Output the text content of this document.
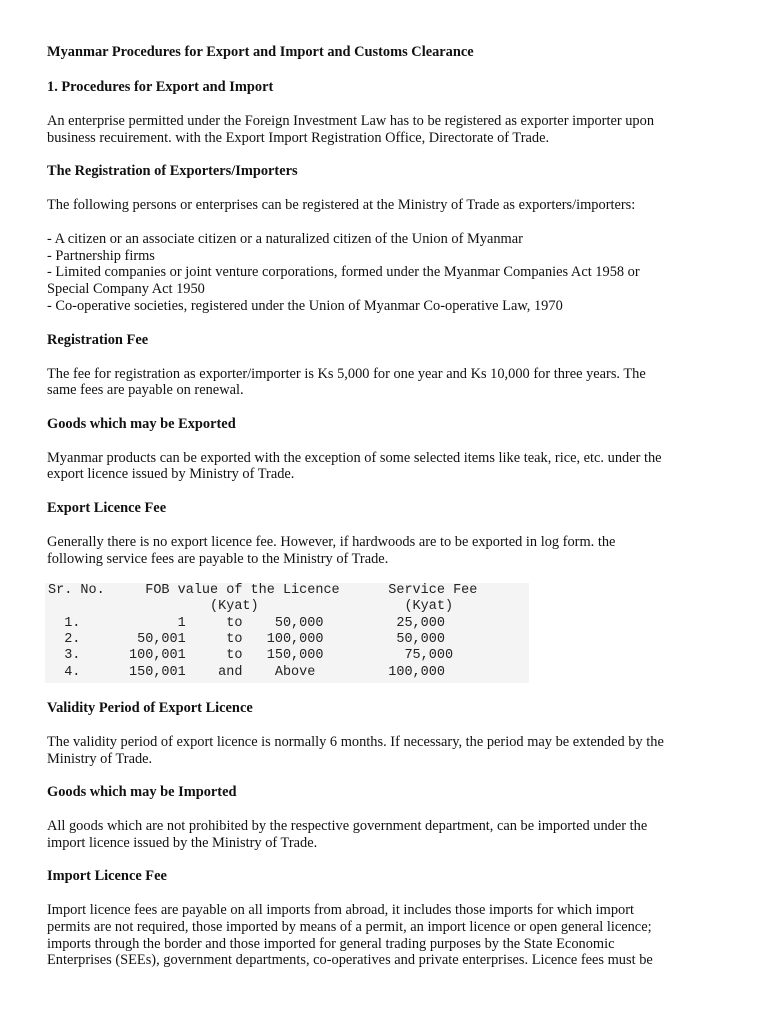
Myanmar Procedures for Export and Import and Customs Clearance

1. Procedures for Export and Import

An enterprise permitted under the Foreign Investment Law has to be registered as exporter importer upon

business recuirement. with the Export Import Registration Office, Directorate of Trade.

The Registration of Exporters/Importers

The following persons or enterprises can be registered at the Ministry of Trade as exporters/importers:

- A citizen or an associate citizen or a naturalized citizen of the Union of Myanmar

- Partnership firms

- Limited companies or joint venture corporations, formed under the Myanmar Companies Act 1958 or

Special Company Act 1950

- Co-operative societies, registered under the Union of Myanmar Co-operative Law, 1970

Registration Fee

The fee for registration as exporter/importer is Ks 5,000 for one year and Ks 10,000 for three years. The

same fees are payable on renewal.

Goods which may be Exported

Myanmar products can be exported with the exception of some selected items like teak, rice, etc. under the

export licence issued by Ministry of Trade.

Export Licence Fee

Generally there is no export licence fee. However, if hardwoods are to be exported in log form. the

following service fees are payable to the Ministry of Trade.

Sr. No.     FOB value of the Licence      Service Fee
(Kyat)                  (Kyat)
1.            1     to    50,000         25,000
2.       50,001     to   100,000         50,000
3.      100,001     to   150,000          75,000
4.      150,001    and    Above         100,000

Validity Period of Export Licence

The validity period of export licence is normally 6 months. If necessary, the period may be extended by the

Ministry of Trade.

Goods which may be Imported

All goods which are not prohibited by the respective government department, can be imported under the

import licence issued by the Ministry of Trade.

Import Licence Fee

Import licence fees are payable on all imports from abroad, it includes those imports for which import

permits are not required, those imported by means of a permit, an import licence or open general licence;

imports through the border and those imported for general trading purposes by the State Economic

Enterprises (SEEs), government departments, co-operatives and private enterprises. Licence fees must be
